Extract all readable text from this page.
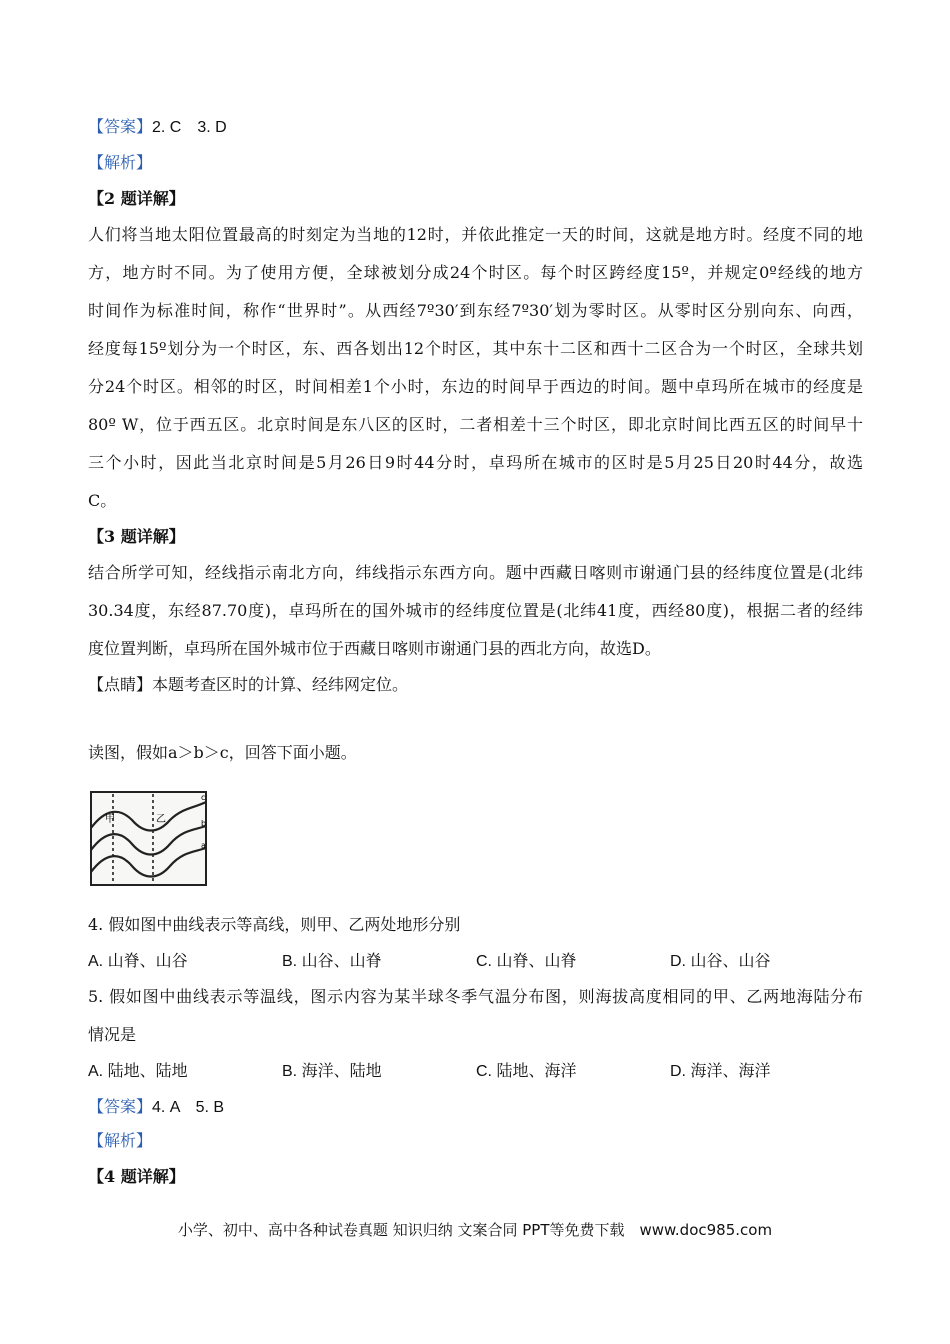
【答案】2. C　3. D
【解析】
【2 题详解】
人们将当地太阳位置最高的时刻定为当地的12时，并依此推定一天的时间，这就是地方时。经度不同的地
方，地方时不同。为了使用方便，全球被划分成24个时区。每个时区跨经度15º，并规定0º经线的地方
时间作为标准时间，称作“世界时”。从西经7º30′到东经7º30′划为零时区。从零时区分别向东、向西，
经度每15º划分为一个时区，东、西各划出12个时区，其中东十二区和西十二区合为一个时区，全球共划
分24个时区。相邻的时区，时间相差1个小时，东边的时间早于西边的时间。题中卓玛所在城市的经度是
80º W，位于西五区。北京时间是东八区的区时，二者相差十三个时区，即北京时间比西五区的时间早十
三个小时，因此当北京时间是5月26日9时44分时，卓玛所在城市的区时是5月25日20时44分，故选
C。
【3 题详解】
结合所学可知，经线指示南北方向，纬线指示东西方向。题中西藏日喀则市谢通门县的经纬度位置是(北纬
30.34度，东经87.70度)，卓玛所在的国外城市的经纬度位置是(北纬41度，西经80度)，根据二者的经纬
度位置判断，卓玛所在国外城市位于西藏日喀则市谢通门县的西北方向，故选D。
【点睛】本题考查区时的计算、经纬网定位。
读图，假如a＞b＞c，回答下面小题。
甲	乙
c
b
a
4. 假如图中曲线表示等高线，则甲、乙两处地形分别
A. 山脊、山谷	B. 山谷、山脊	C. 山脊、山脊	D. 山谷、山谷
5. 假如图中曲线表示等温线，图示内容为某半球冬季气温分布图，则海拔高度相同的甲、乙两地海陆分布
情况是
A. 陆地、陆地	B. 海洋、陆地	C. 陆地、海洋	D. 海洋、海洋
【答案】4. A　5. B
【解析】
【4 题详解】
小学、初中、高中各种试卷真题 知识归纳 文案合同 PPT等免费下载　www.doc985.com
